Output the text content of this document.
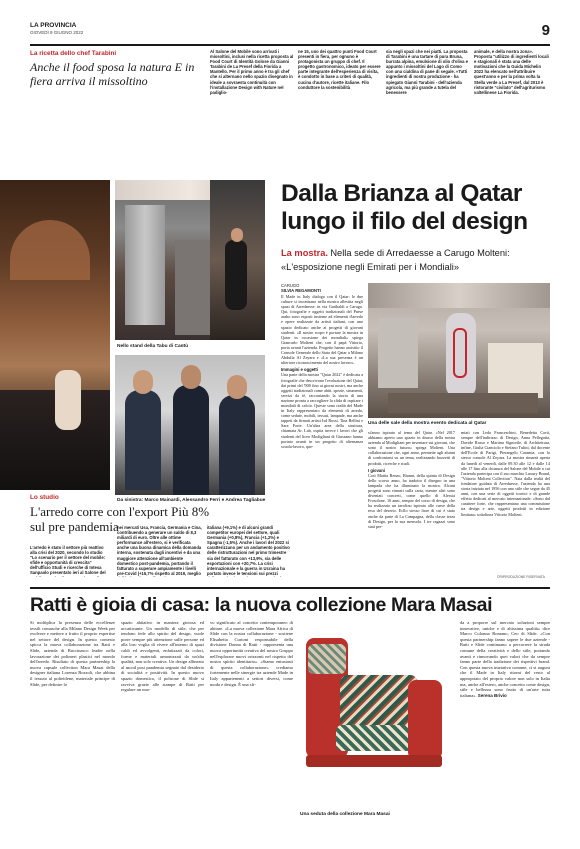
LA PROVINCIA
GIOVEDÌ 9 GIUGNO 2022	9
La ricetta dello chef Tarabini
Anche il food sposa la natura E in fiera arriva il missoltino
Al Salone del Mobile sono arrivati i missoltini, inclusi nella ricetta proposta al Food Court di Identità Golose da Gianni Tarabini de La Presef della Fiorida a Mantello. Per il primo anno è tra gli chef che si alternano nello spazio disegnato in ideale a sovraesta continuità con l'installazione Design with Nature nel padiglio-
ne 15, uno dei quattro punti Food Court presenti in fiera, per ognuno è protagonista un gruppo di chef. Il progetto gastronomico, ideato per essere parte integrante dell'esperienza di visita, è condotto in base a criteri di qualità, cucina d'autore, ricette italiane. Filo conduttore la sostenibilità
sia negli spazi che nei piatti. La proposta di Tarabini è una tartare di pura Bruna, burrata alpina, emulsione di olio d'oliva e appunto i missoltini del Lago di Como con una cialdina di pane di segale. «Tutti ingredienti di nostra produzione - ha spiegato Gianni Tarabini - dell'azienda agricola, ma più grande a tutela del benessere
animale, e della nostra zona». Proposta "utilizzo di ingredienti locali e stagionali è stata una delle motivazioni che la Guida Michelin 2022 ha elencato nell'attribuire quest'anno e per la prima volta la Stella verde a La Presef, dal 2013 è ristorante "civilato" dell'agriturismo valtellinese La Fiorida.
Nello stand della Tabu di Cantù
Da sinistra: Marco Mainardi, Alessandro Ferri e Andrea Tagliabue
Dalla Brianza al Qatar
lungo il filo del design
La mostra. Nella sede di Arredaesse a Carugo Molteni: «L'esposizione negli Emirati per i Mondiali»
CARUGO
SILVIA REGAMONTI
Il Made in Italy dialoga con il Qatar: le due culture si incontrano nella mostra allestita negli spazi di Arredaesse, in via Garibaldi a Carugo. Qui, fotografie e oggetti tradizionali del Paese arabo sono esposti insieme ad elementi d'arredo e opere realizzate da artisti italiani, con uno spazio dedicato anche ai progetti di giovani studenti. «Il nostro scopo è portare la mostra in Qatar in occasione dei mondiali» spiega Giancarlo Molteni che, con il papà Vittorio, porta avanti l'azienda. Progetto hanno assistito il Console Generale dello Stato del Qatar a Milano Abdulla Al Zeyara e «La sua presenza è un ulteriore riconoscimento del nostro lavoro».
Immagini e oggetti
Una parte della mostra "Qatar 2022" è dedicata a fotografie che descrivono l'evoluzione del Qatar, dai primi del '900 fino ai giorni nostri, ma anche oggetti tradizionali come abiti, spezie, strumenti, servizi da tè, raccontando la storia di una nazione pronta a raccogliere la sfida di ospitare i mondiali di calcio. Queste sono realtà del Made in Italy rappresentato da elementi di arredo, come sedute, mobili, tessuti, lampade, ma anche tappeti da firmati artisti Isd Rossi, Tina Bellini e Sara Forte. Un'altra area della struttura, chiamata Ar. Lab, ospita invece i lavori che gli studenti del liceo Modigliani di Giussano hanno portato avanti in un progetto di alternanza scuola-lavoro, que-
Una delle sale della mostra evento dedicata al Qatar
st'anno ispirato al tema del Qatar. «Nel 2017 abbiamo aperto uno spazio in disuso della nostra azienda al Modigliani per inventare sui giovani, che sono il nostro futuro» spiega Molteni. Una collaborazione che, ogni anno, permette agli alunni di confrontarsi su un tema, realizzando bozzetti di prodotti, ricerche e studi.
I giovani
Così Mattia Renzo, Bianni, della quinta di Design dello scorso anno, ha tradotto il disegno in una lampada che ha illuminato la mostra. Alcuni progetti sono rimasti sulla carta, mentre altri sono diventati concreti, come quello di Alessia Frosolone, 16 anni, sempre del corso di design, che ha realizzato un tavolino ispirato alle curve della resa del deserto. Ecllo stesso fiore di cui è stato anche da parte di La Campagna, della classe terza di Design, per la sua mensola. I tre ragazzi sono stati pre-
miati con Leda Franceschini, Benedetta Corti, sempre dell'indirizzo di Design, Anna Pellegatta, Davide Rosso e Martina Signorile, di Architettura, infine, Giulia Cianciolo e Stefano Tulini, dal docente dell'Ecole di Parigi, Pierangelo Caramia, con lo stesso console Al Zeyara. La mostra rimarrà aperta da lunedì al venerdì, dalle 09.30 alle 12 e dalle 14 alle 17 fino alla chiusura del Salone del Mobile a cui l'azienda partecipa con il suo marchio Luxury Brand, "Vittorio Molteni Collection". Nata dalla realtà del fondatore guidata di Arredaesse, l'azienda ha una storia iniziata nel 1956 con uno stile che segue da 45 anni, con una serie di oggetti iconici e di grande effetto dedicati al mercato internazionale. «Sono dal carattere forte, che rappresentano una commistione tra design e arte, oggetti prodotti in edizione limitata» sottolinea Vittorio Molteni.
©RIPRODUZIONE RISERVATA
Lo studio
L'arredo corre con l'export Più 8% sul pre pandemia
L'arredo è stato il settore più reattivo alla crisi del 2020, secondo lo studio "Lo scenario per il settore del mobile: sfide e opportunità di crescita" dell'ufficio Studi e ricerche di Intesa Sanpaolo presentato ieri al Salone del
nei mercati Usa, Francia, Germania e Cina, contribuendo a generare un saldo di 8,3 miliardi di euro. Oltre alle ottime performance all'estero, si è verificata anche una buona dinamica della domanda interna, sostenuta dagli incentivi e da una maggiore attenzione all'ambiente domestico post-pandemia, portando il fatturato a superare ampiamente i livelli pre-Covid (+15,7% rispetto al 2019, meglio
italiana (+9,1%) e di alcuni grandi competitor europei del settore, quali Germania (+0,8%), Francia (+1,2%) e Spagna (-1,5%). Anche i lavori del 2022 si caratterizzano per un andamento positivo delle ristrutturazioni nel primo trimestre sia del fatturato con +13,9%, sia delle esportazioni con +20,7%. La crisi internazionale e la guerra in Ucraina ha portato invece le tensioni sui prezzi
Ratti è gioia di casa: la nuova collezione Mara Masai
Si moltiplica la presenza delle eccellenze tessili comasche alla Milano Design Week per evolvere e mettere a frutto il proprio expertise nel settore del design. In questo contesto spicca la nuova collaborazione tra Ratti e Slide, azienda di Buccinasco leader nella lavorazione dei polimeri plastici nel mondo dell'arredo. Risultato di questa partnership la nuova capsule collection Mara Masai della designer italiana Lorenza Bozzoli, che abbina il tessuto al polietilene, materiale principe di Slide, per definire lo
spazio abitativo in maniera gioiosa ed accattivante. Un modello di stile, che per tendono fede allo spirito del design, vuole porre sempre più attenzione sulle persone ed alla loro voglia di vivere all'interno di spazi caldi ed avvolgenti, enfatizzati da colori, forme e materiali armonizzati da un'alta qualità, non solo creativa. Un design allineato al mood post pandemia segnato dal desiderio di socialità e positività. In questo nuovo spazio domestico, il poltrone di Slide si ravviva grazie alle stampe di Ratti per regalare un nuo-
vo significato al concetto contemporaneo di abitare. «La nuova collezione Mara Africa di Slide con la nostra collaborazione - sostiene Elisabetta Curioni responsabile della divisione Donna di Ratti - rappresenta una nuova opportunità creativa del nostro Gruppo nell'esplorare nuovi orizzonti nel rispetto del nostro spirito identitario». «Siamo entusiasti di questa collaborazione» crediamo fortemente nelle sinergie tra aziende Made in Italy appartenenti a settori diversi, come moda e design. È una sfi-
Una seduta della collezione Mara Masai
da a proporre sul mercato soluzioni sempre innovative, uniche e di altissima qualità» dice Marco Colonna Romano, Ceo di Slide. «Con questa partnership fanno sapere le due aziende - Ratti e Slide continuano a percorrere la strada comune della creatività e dello stile, portando avanti e rinnovando quei valori che da sempre fanno parte della tradizione dei rispettivi brand. Con questa nuova iniziativa comune, ci si augura che il Made in Italy ritorni del resto al appropriato del proprio valore non solo in Italia ma, anche all'estero, anche concetto come design, stile e bellezza sono frutto di un'arte tutta italiana». Serena Brivio
